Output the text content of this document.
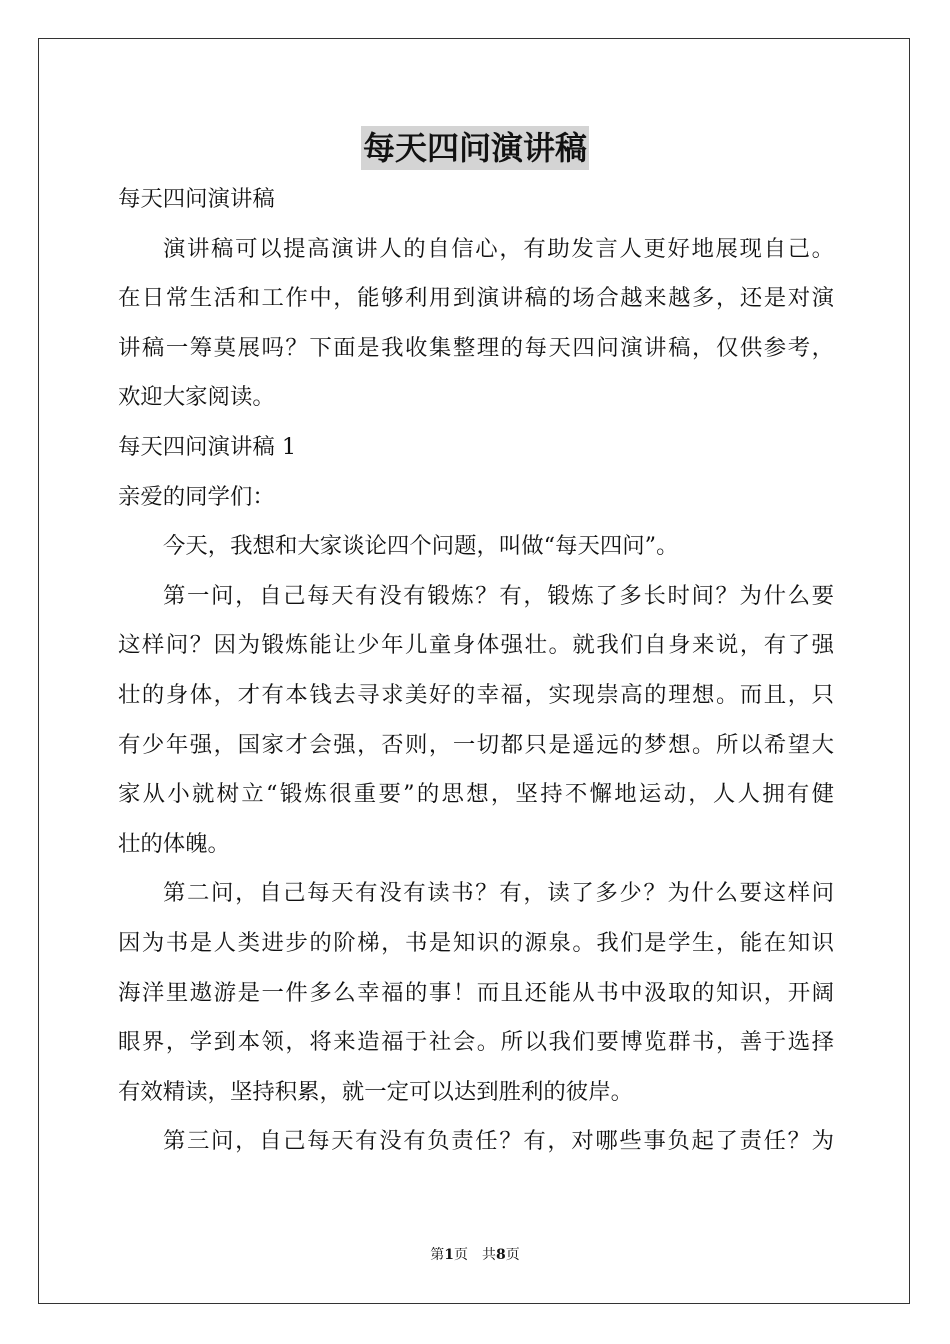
每天四问演讲稿
每天四问演讲稿
演讲稿可以提高演讲人的自信心，有助发言人更好地展现自己。
在日常生活和工作中，能够利用到演讲稿的场合越来越多，还是对演
讲稿一筹莫展吗？下面是我收集整理的每天四问演讲稿，仅供参考，
欢迎大家阅读。
每天四问演讲稿 1
亲爱的同学们：
今天，我想和大家谈论四个问题，叫做“每天四问”。
第一问，自己每天有没有锻炼？有，锻炼了多长时间？为什么要
这样问？因为锻炼能让少年儿童身体强壮。就我们自身来说，有了强
壮的身体，才有本钱去寻求美好的幸福，实现崇高的理想。而且，只
有少年强，国家才会强，否则，一切都只是遥远的梦想。所以希望大
家从小就树立“锻炼很重要”的思想，坚持不懈地运动，人人拥有健
壮的体魄。
第二问，自己每天有没有读书？有，读了多少？为什么要这样问
因为书是人类进步的阶梯，书是知识的源泉。我们是学生，能在知识
海洋里遨游是一件多么幸福的事！而且还能从书中汲取的知识，开阔
眼界，学到本领，将来造福于社会。所以我们要博览群书，善于选择
有效精读，坚持积累，就一定可以达到胜利的彼岸。
第三问，自己每天有没有负责任？有，对哪些事负起了责任？为
第1页　共8页
